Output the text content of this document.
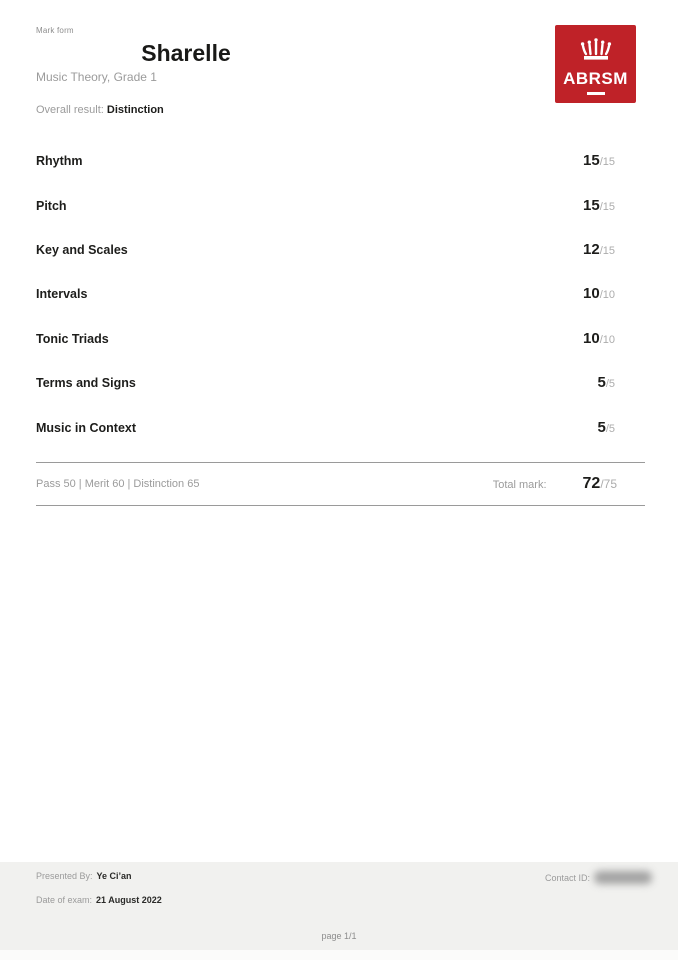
Mark form
Sharelle
Music Theory, Grade 1
Overall result: Distinction
ABRSM
Rhythm	15/15
Pitch	15/15
Key and Scales	12/15
Intervals	10/10
Tonic Triads	10/10
Terms and Signs	5/5
Music in Context	5/5
Pass 50 | Merit 60 | Distinction 65	Total mark: 72/75
Presented By: Ye Ci’an	Contact ID:
Date of exam: 21 August 2022
page 1/1
